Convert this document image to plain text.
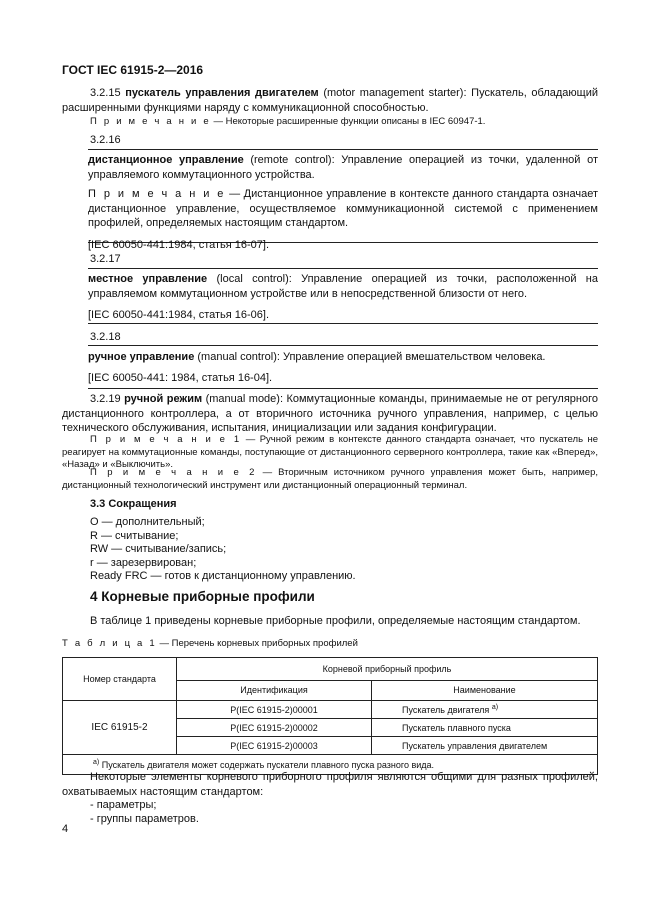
ГОСТ IEC 61915-2—2016
3.2.15 пускатель управления двигателем (motor management starter): Пускатель, обладающий расширенными функциями наряду с коммуникационной способностью.
П р и м е ч а н и е — Некоторые расширенные функции описаны в IEC 60947-1.
3.2.16

дистанционное управление (remote control): Управление операцией из точки, удаленной от управляемого коммутационного устройства.

П р и м е ч а н и е — Дистанционное управление в контексте данного стандарта означает дистанционное управление, осуществляемое коммуникационной системой с применением профилей, определяемых настоящим стандартом.

[IEC 60050-441:1984, статья 16-07].

3.2.17

местное управление (local control): Управление операцией из точки, расположенной на управляемом коммутационном устройстве или в непосредственной близости от него.

[IEC 60050-441:1984, статья 16-06].

3.2.18

ручное управление (manual control): Управление операцией вмешательством человека.

[IEC 60050-441: 1984, статья 16-04].

3.2.19 ручной режим (manual mode): Коммутационные команды, принимаемые не от регулярного дистанционного контроллера, а от вторичного источника ручного управления, например, с целью технического обслуживания, испытания, инициализации или задания конфигурации.
П р и м е ч а н и е 1 — Ручной режим в контексте данного стандарта означает, что пускатель не реагирует на коммутационные команды, поступающие от дистанционного серверного контроллера, такие как «Вперед», «Назад» и «Выключить».
П р и м е ч а н и е 2 — Вторичным источником ручного управления может быть, например, дистанционный технологический инструмент или дистанционный операционный терминал.
3.3 Сокращения
O — дополнительный;
R — считывание;
RW — считывание/запись;
r — зарезервирован;
Ready FRC — готов к дистанционному управлению.
4 Корневые приборные профили
В таблице 1 приведены корневые приборные профили, определяемые настоящим стандартом.
Т а б л и ц а 1 — Перечень корневых приборных профилей
Номер стандарта	Корневой приборный профиль	
	Идентификация	Наименование
IEC 61915-2	P(IEC 61915-2)00001	Пускатель двигателя $^{а)}$
	P(IEC 61915-2)00002	Пускатель плавного пуска
	P(IEC 61915-2)00003	Пускатель управления двигателем
$^{а)}$ Пускатель двигателя может содержать пускатели плавного пуска разного вида.		
Некоторые элементы корневого приборного профиля являются общими для разных профилей, охватываемых настоящим стандартом:
- параметры;
- группы параметров.
4
